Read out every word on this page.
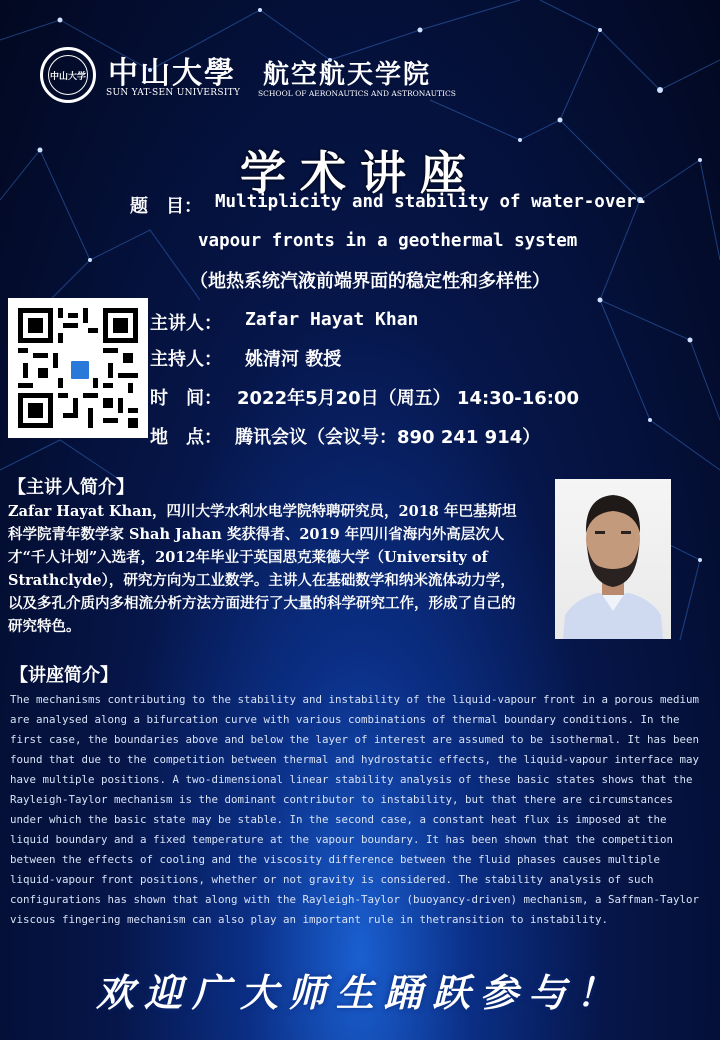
中山大学 中山大學 航空航天学院
SUN YAT-SEN UNIVERSITY SCHOOL OF AERONAUTICS AND ASTRONAUTICS
学术讲座
题　目： Multiplicity and stability of water-over-
vapour fronts in a geothermal system
（地热系统汽液前端界面的稳定性和多样性）
主讲人： Zafar Hayat Khan
主持人： 姚清河 教授
时　间： 2022年5月20日（周五） 14:30-16:00
地　点： 腾讯会议（会议号：890 241 914）
【主讲人简介】
Zafar Hayat Khan，四川大学水利水电学院特聘研究员，2018 年巴基斯坦科学院青年数学家 Shah Jahan 奖获得者、2019 年四川省海内外高层次人才“千人计划”入选者，2012年毕业于英国思克莱德大学（University of Strathclyde），研究方向为工业数学。主讲人在基础数学和纳米流体动力学，以及多孔介质内多相流分析方法方面进行了大量的科学研究工作，形成了自己的研究特色。
【讲座简介】
The mechanisms contributing to the stability and instability of the liquid-vapour front in a porous medium are analysed along a bifurcation curve with various combinations of thermal boundary conditions. In the first case, the boundaries above and below the layer of interest are assumed to be isothermal. It has been found that due to the competition between thermal and hydrostatic effects, the liquid-vapour interface may have multiple positions. A two-dimensional linear stability analysis of these basic states shows that the Rayleigh-Taylor mechanism is the dominant contributor to instability, but that there are circumstances under which the basic state may be stable. In the second case, a constant heat flux is imposed at the liquid boundary and a fixed temperature at the vapour boundary. It has been shown that the competition between the effects of cooling and the viscosity difference between the fluid phases causes multiple liquid-vapour front positions, whether or not gravity is considered. The stability analysis of such configurations has shown that along with the Rayleigh-Taylor (buoyancy-driven) mechanism, a Saffman-Taylor viscous fingering mechanism can also play an important rule in thetransition to instability.
欢迎广大师生踊跃参与！
